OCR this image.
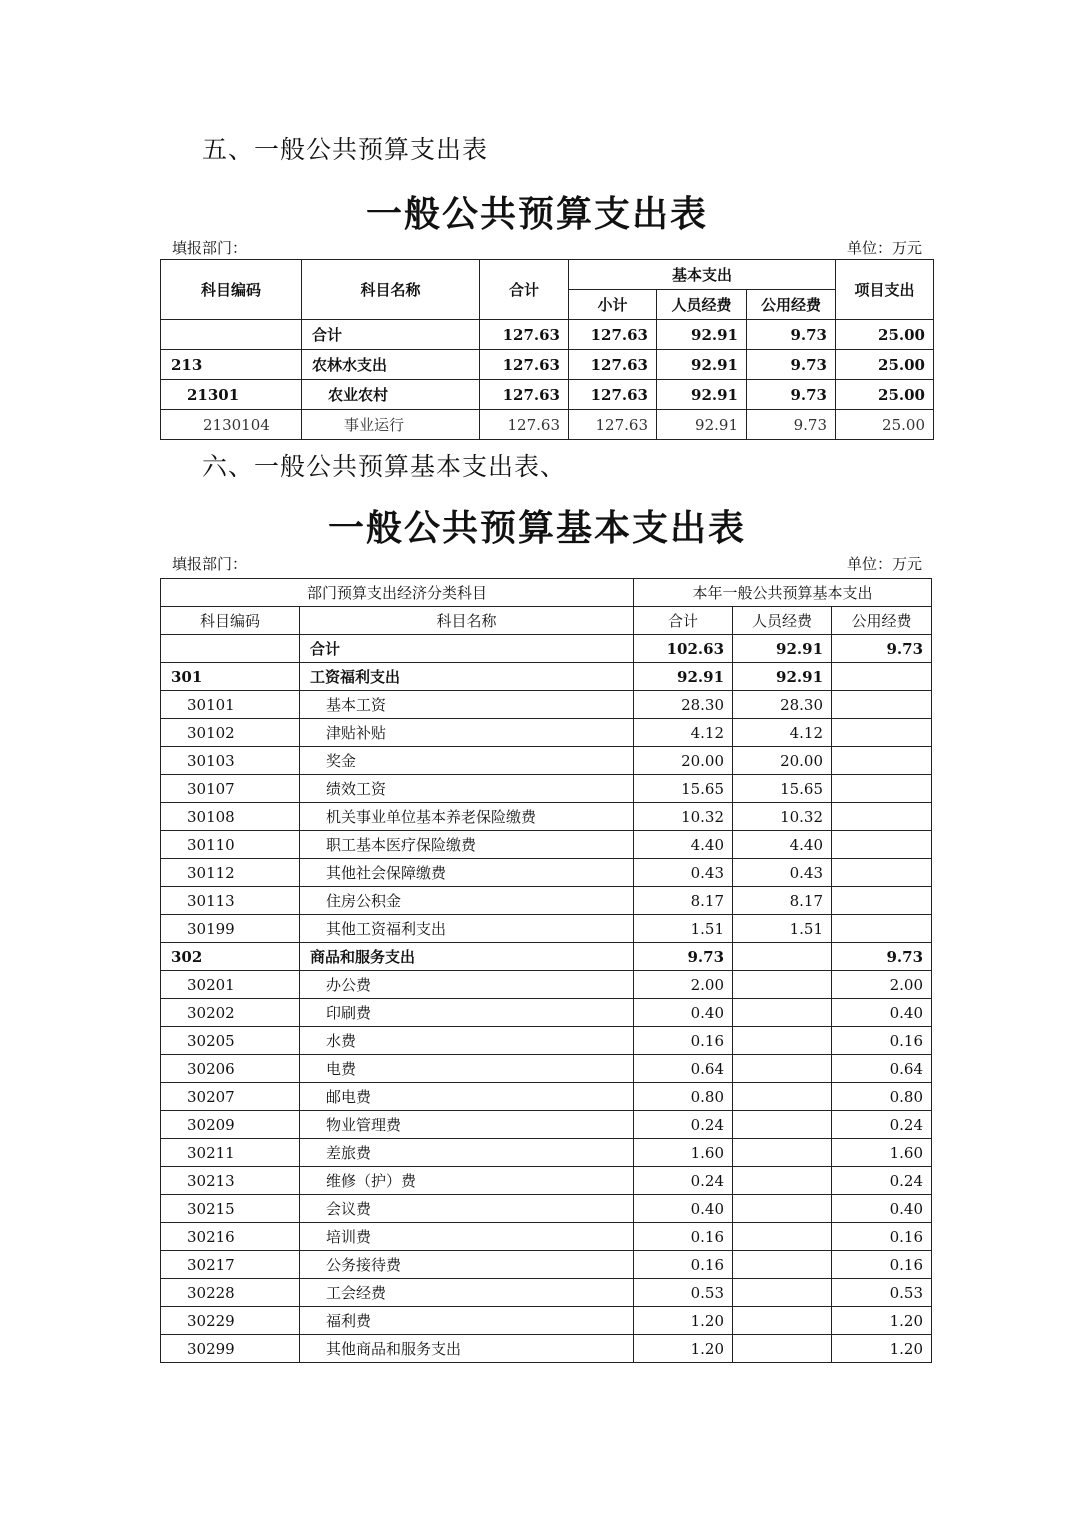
五、一般公共预算支出表
一般公共预算支出表
填报部门：	单位：万元
科目编码	科目名称	合计	基本支出			项目支出
			小计	人员经费	公用经费	
	合计	127.63	127.63	92.91	9.73	25.00
213	农林水支出	127.63	127.63	92.91	9.73	25.00
21301	农业农村	127.63	127.63	92.91	9.73	25.00
2130104	事业运行	127.63	127.63	92.91	9.73	25.00
六、一般公共预算基本支出表、
一般公共预算基本支出表
填报部门：	单位：万元
部门预算支出经济分类科目		本年一般公共预算基本支出		
科目编码	科目名称	合计	人员经费	公用经费
	合计	102.63	92.91	9.73
301	工资福利支出	92.91	92.91	
30101	基本工资	28.30	28.30	
30102	津贴补贴	4.12	4.12	
30103	奖金	20.00	20.00	
30107	绩效工资	15.65	15.65	
30108	机关事业单位基本养老保险缴费	10.32	10.32	
30110	职工基本医疗保险缴费	4.40	4.40	
30112	其他社会保障缴费	0.43	0.43	
30113	住房公积金	8.17	8.17	
30199	其他工资福利支出	1.51	1.51	
302	商品和服务支出	9.73		9.73
30201	办公费	2.00		2.00
30202	印刷费	0.40		0.40
30205	水费	0.16		0.16
30206	电费	0.64		0.64
30207	邮电费	0.80		0.80
30209	物业管理费	0.24		0.24
30211	差旅费	1.60		1.60
30213	维修（护）费	0.24		0.24
30215	会议费	0.40		0.40
30216	培训费	0.16		0.16
30217	公务接待费	0.16		0.16
30228	工会经费	0.53		0.53
30229	福利费	1.20		1.20
30299	其他商品和服务支出	1.20		1.20
